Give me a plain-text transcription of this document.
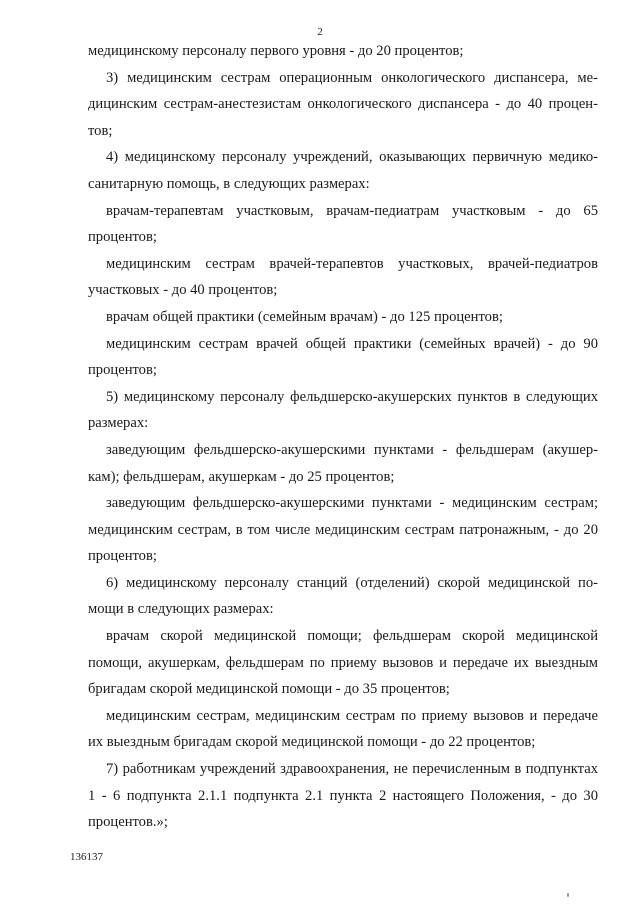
2

медицинскому персоналу первого уровня - до 20 процентов;

3) медицинским сестрам операционным онкологического диспансера, медицинским сестрам-анестезистам онкологического диспансера - до 40 процентов;

4) медицинскому персоналу учреждений, оказывающих первичную медико-санитарную помощь, в следующих размерах:

врачам-терапевтам участковым, врачам-педиатрам участковым - до 65 процентов;

медицинским сестрам врачей-терапевтов участковых, врачей-педиатров участковых - до 40 процентов;

врачам общей практики (семейным врачам) - до 125 процентов;

медицинским сестрам врачей общей практики (семейных врачей) - до 90 процентов;

5) медицинскому персоналу фельдшерско-акушерских пунктов в следующих размерах:

заведующим фельдшерско-акушерскими пунктами - фельдшерам (акушеркам); фельдшерам, акушеркам - до 25 процентов;

заведующим фельдшерско-акушерскими пунктами - медицинским сестрам; медицинским сестрам, в том числе медицинским сестрам патронажным, - до 20 процентов;

6) медицинскому персоналу станций (отделений) скорой медицинской помощи в следующих размерах:

врачам скорой медицинской помощи; фельдшерам скорой медицинской помощи, акушеркам, фельдшерам по приему вызовов и передаче их выездным бригадам скорой медицинской помощи - до 35 процентов;

медицинским сестрам, медицинским сестрам по приему вызовов и передаче их выездным бригадам скорой медицинской помощи - до 22 процентов;

7) работникам учреждений здравоохранения, не перечисленным в подпунктах 1 - 6 подпункта 2.1.1 подпункта 2.1 пункта 2 настоящего Положения, - до 30 процентов.»;

136137
